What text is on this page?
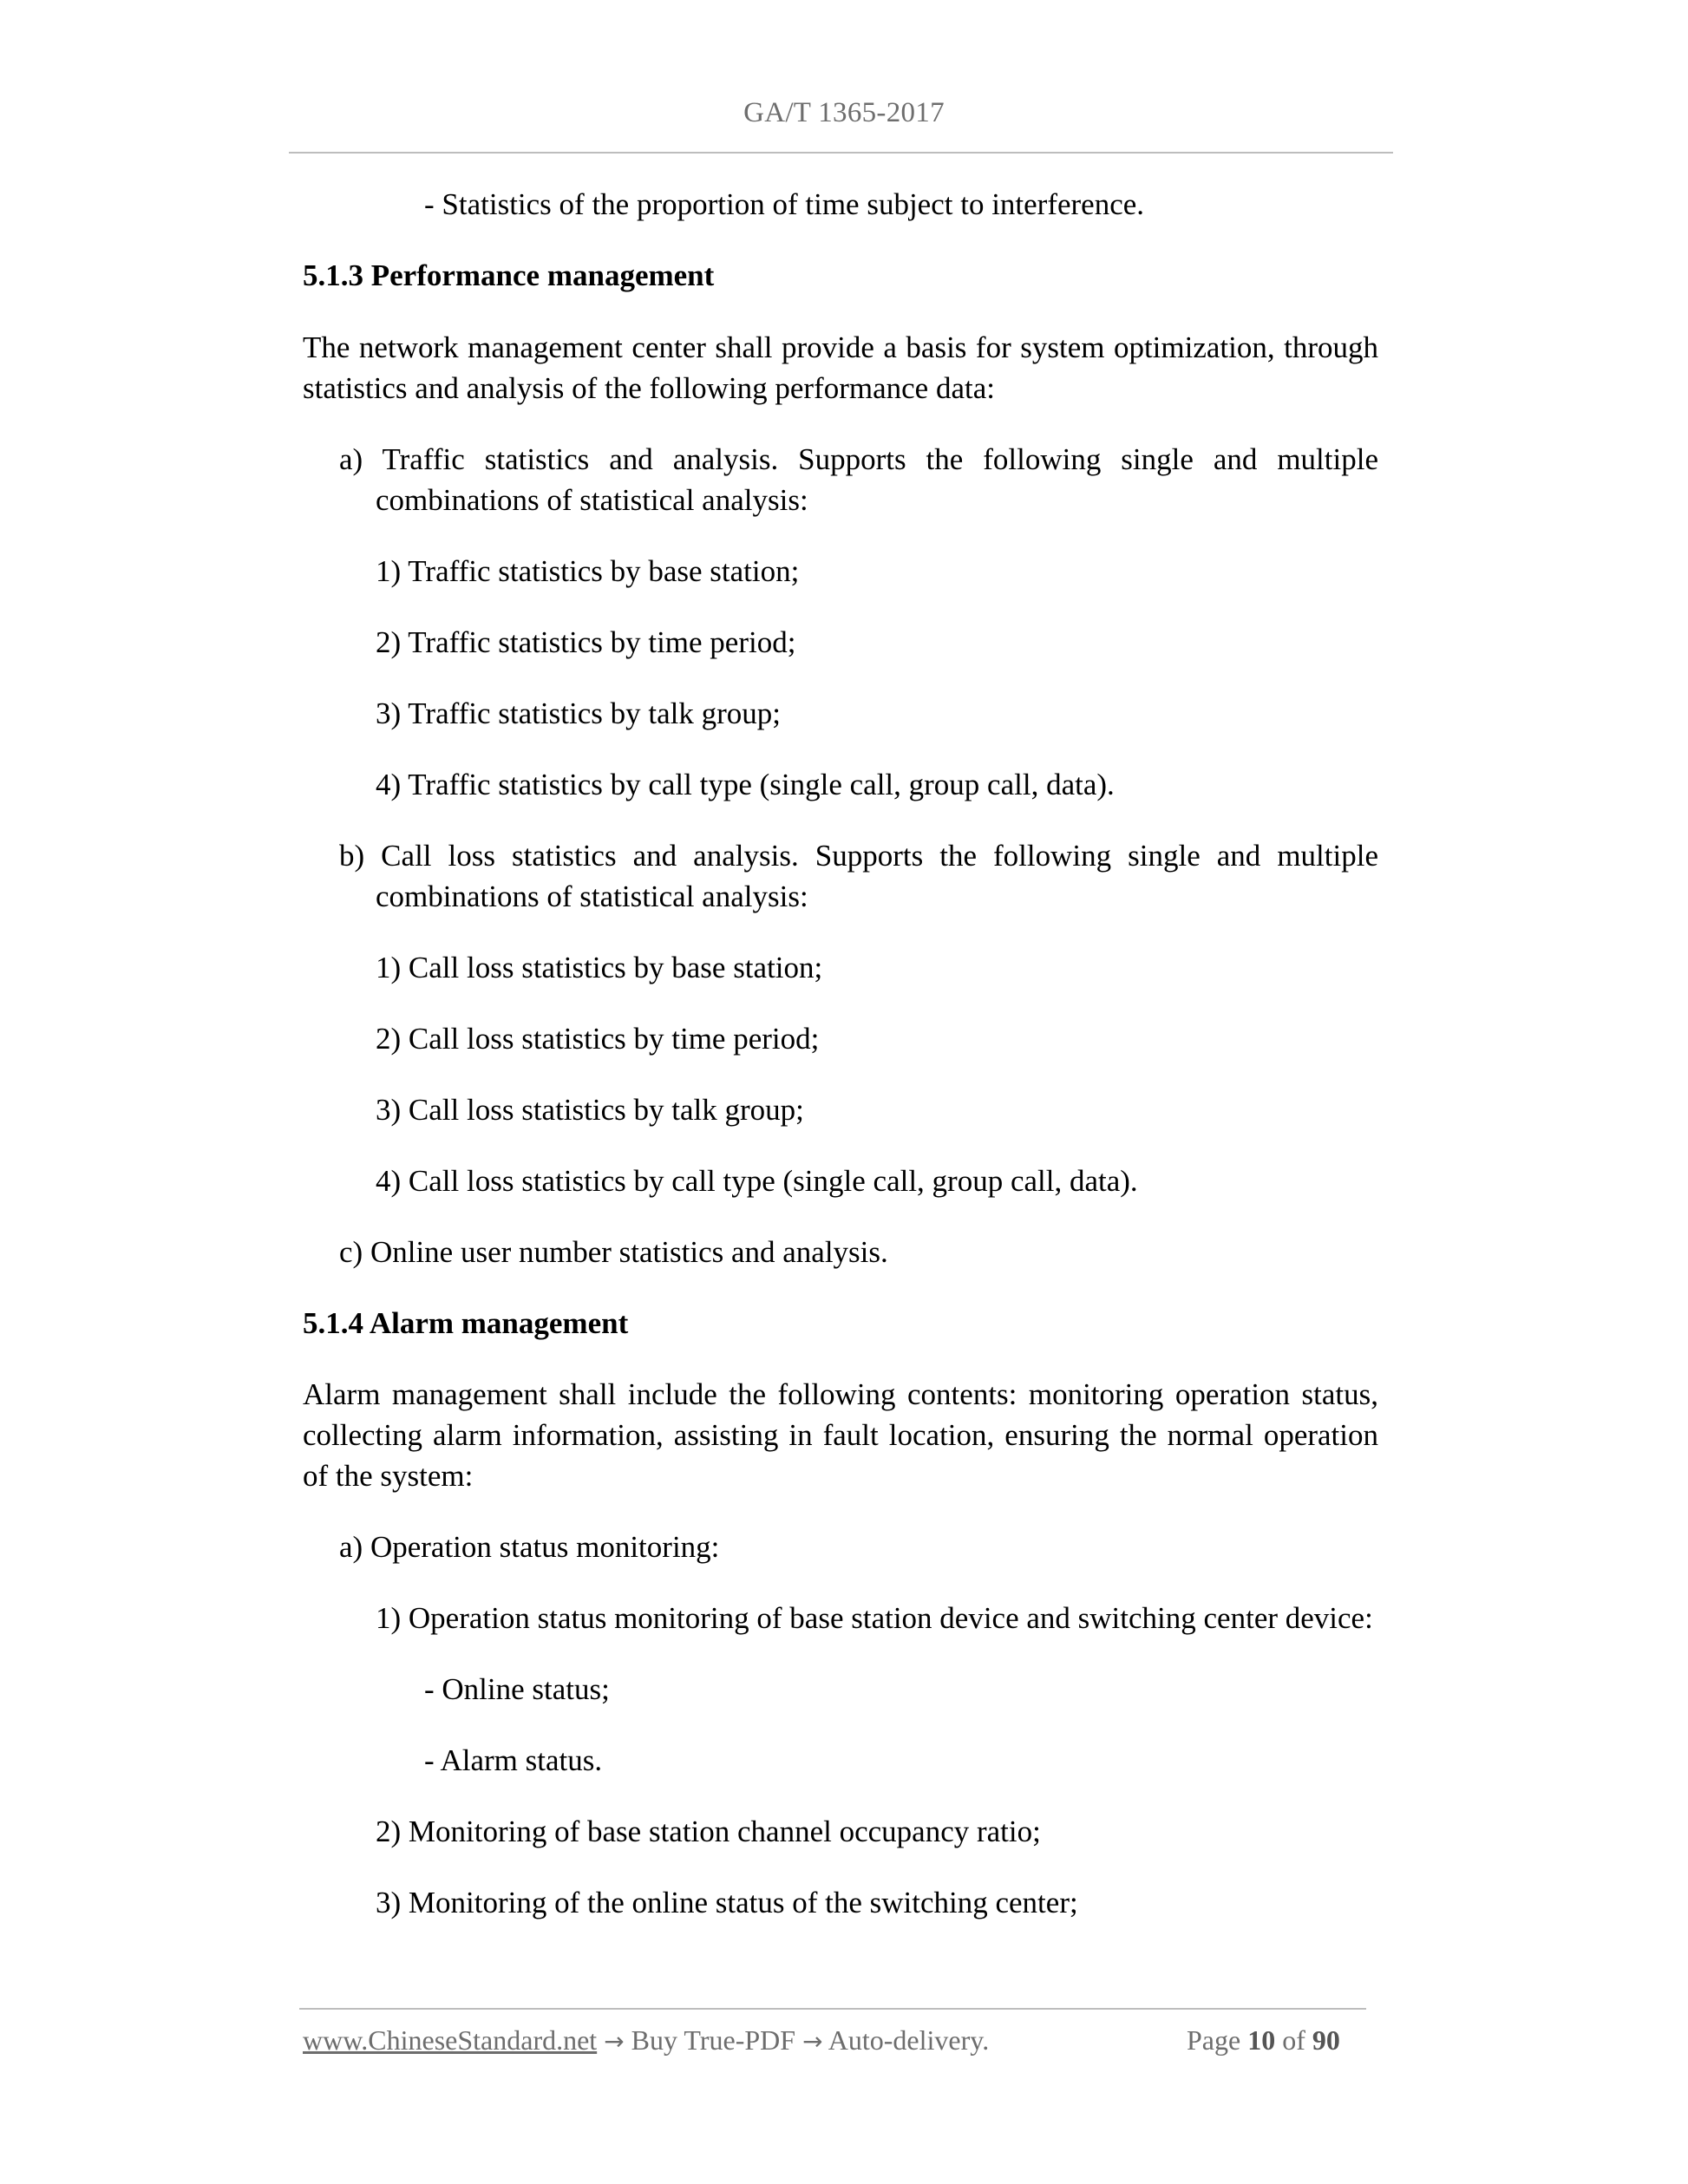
GA/T 1365-2017
- Statistics of the proportion of time subject to interference.
5.1.3 Performance management
The network management center shall provide a basis for system optimization, through statistics and analysis of the following performance data:
a) Traffic statistics and analysis. Supports the following single and multiple
combinations of statistical analysis:
1) Traffic statistics by base station;
2) Traffic statistics by time period;
3) Traffic statistics by talk group;
4) Traffic statistics by call type (single call, group call, data).
b) Call loss statistics and analysis. Supports the following single and multiple
combinations of statistical analysis:
1) Call loss statistics by base station;
2) Call loss statistics by time period;
3) Call loss statistics by talk group;
4) Call loss statistics by call type (single call, group call, data).
c) Online user number statistics and analysis.
5.1.4 Alarm management
Alarm management shall include the following contents: monitoring operation status, collecting alarm information, assisting in fault location, ensuring the normal operation of the system:
a) Operation status monitoring:
1) Operation status monitoring of base station device and switching center device:
- Online status;
- Alarm status.
2) Monitoring of base station channel occupancy ratio;
3) Monitoring of the online status of the switching center;
www.ChineseStandard.net → Buy True-PDF → Auto-delivery.	Page 10 of 90
